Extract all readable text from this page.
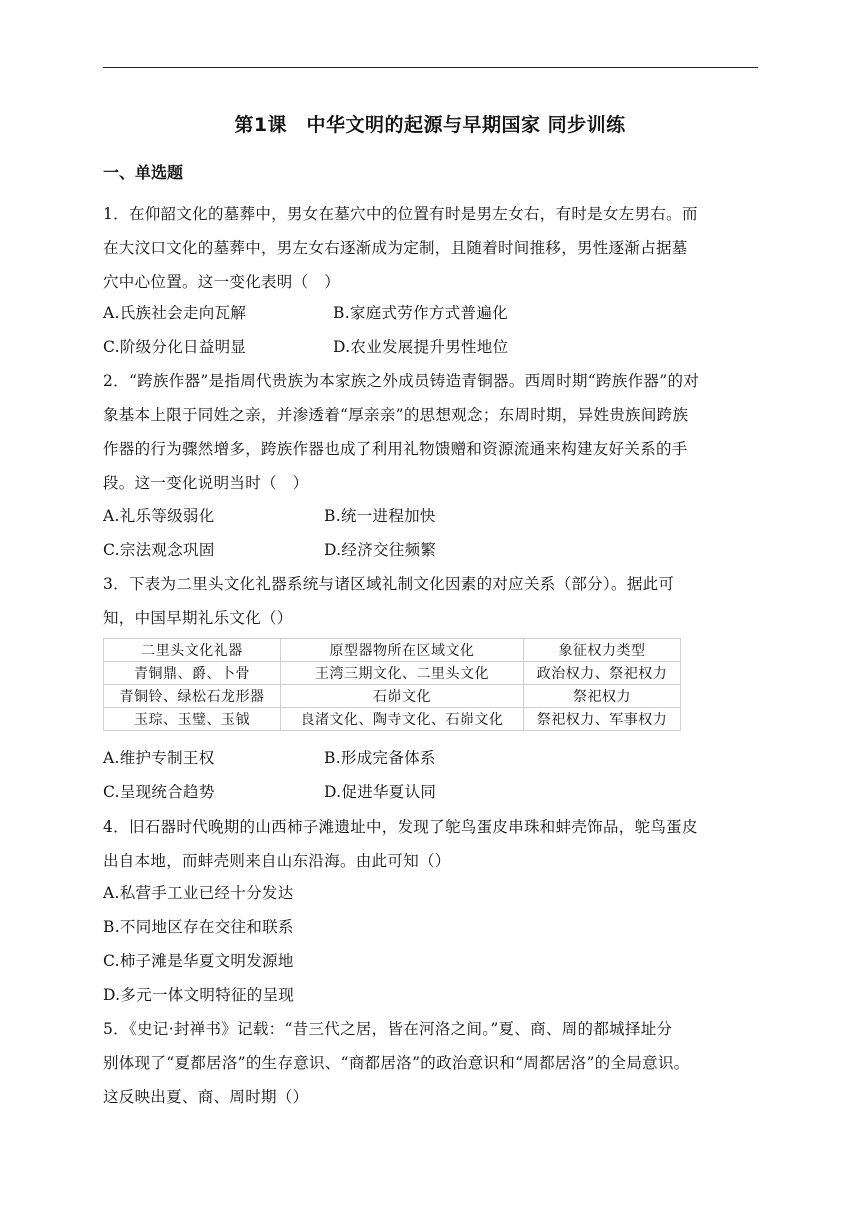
第1课　中华文明的起源与早期国家 同步训练
一、单选题

1．在仰韶文化的墓葬中，男女在墓穴中的位置有时是男左女右，有时是女左男右。而

在大汶口文化的墓葬中，男左女右逐渐成为定制，且随着时间推移，男性逐渐占据墓

穴中心位置。这一变化表明（　）

A.氏族社会走向瓦解	B.家庭式劳作方式普遍化
C.阶级分化日益明显	D.农业发展提升男性地位

2．“跨族作器”是指周代贵族为本家族之外成员铸造青铜器。西周时期“跨族作器”的对

象基本上限于同姓之亲，并渗透着“厚亲亲”的思想观念；东周时期，异姓贵族间跨族

作器的行为骤然增多，跨族作器也成了利用礼物馈赠和资源流通来构建友好关系的手

段。这一变化说明当时（　）

A.礼乐等级弱化	B.统一进程加快
C.宗法观念巩固	D.经济交往频繁

3．下表为二里头文化礼器系统与诸区域礼制文化因素的对应关系（部分）。据此可

知，中国早期礼乐文化（）

二里头文化礼器	原型器物所在区域文化	象征权力类型
青铜鼎、爵、卜骨	王湾三期文化、二里头文化	政治权力、祭祀权力
青铜铃、绿松石龙形器	石峁文化	祭祀权力
玉琮、玉璧、玉钺	良渚文化、陶寺文化、石峁文化	祭祀权力、军事权力
A.维护专制王权	B.形成完备体系
C.呈现统合趋势	D.促进华夏认同

4．旧石器时代晚期的山西柿子滩遗址中，发现了鸵鸟蛋皮串珠和蚌壳饰品，鸵鸟蛋皮

出自本地，而蚌壳则来自山东沿海。由此可知（）

A.私营手工业已经十分发达
B.不同地区存在交往和联系
C.柿子滩是华夏文明发源地
D.多元一体文明特征的呈现

5．《史记·封禅书》记载：“昔三代之居，皆在河洛之间。”夏、商、周的都城择址分

别体现了“夏都居洛”的生存意识、“商都居洛”的政治意识和“周都居洛”的全局意识。

这反映出夏、商、周时期（）
